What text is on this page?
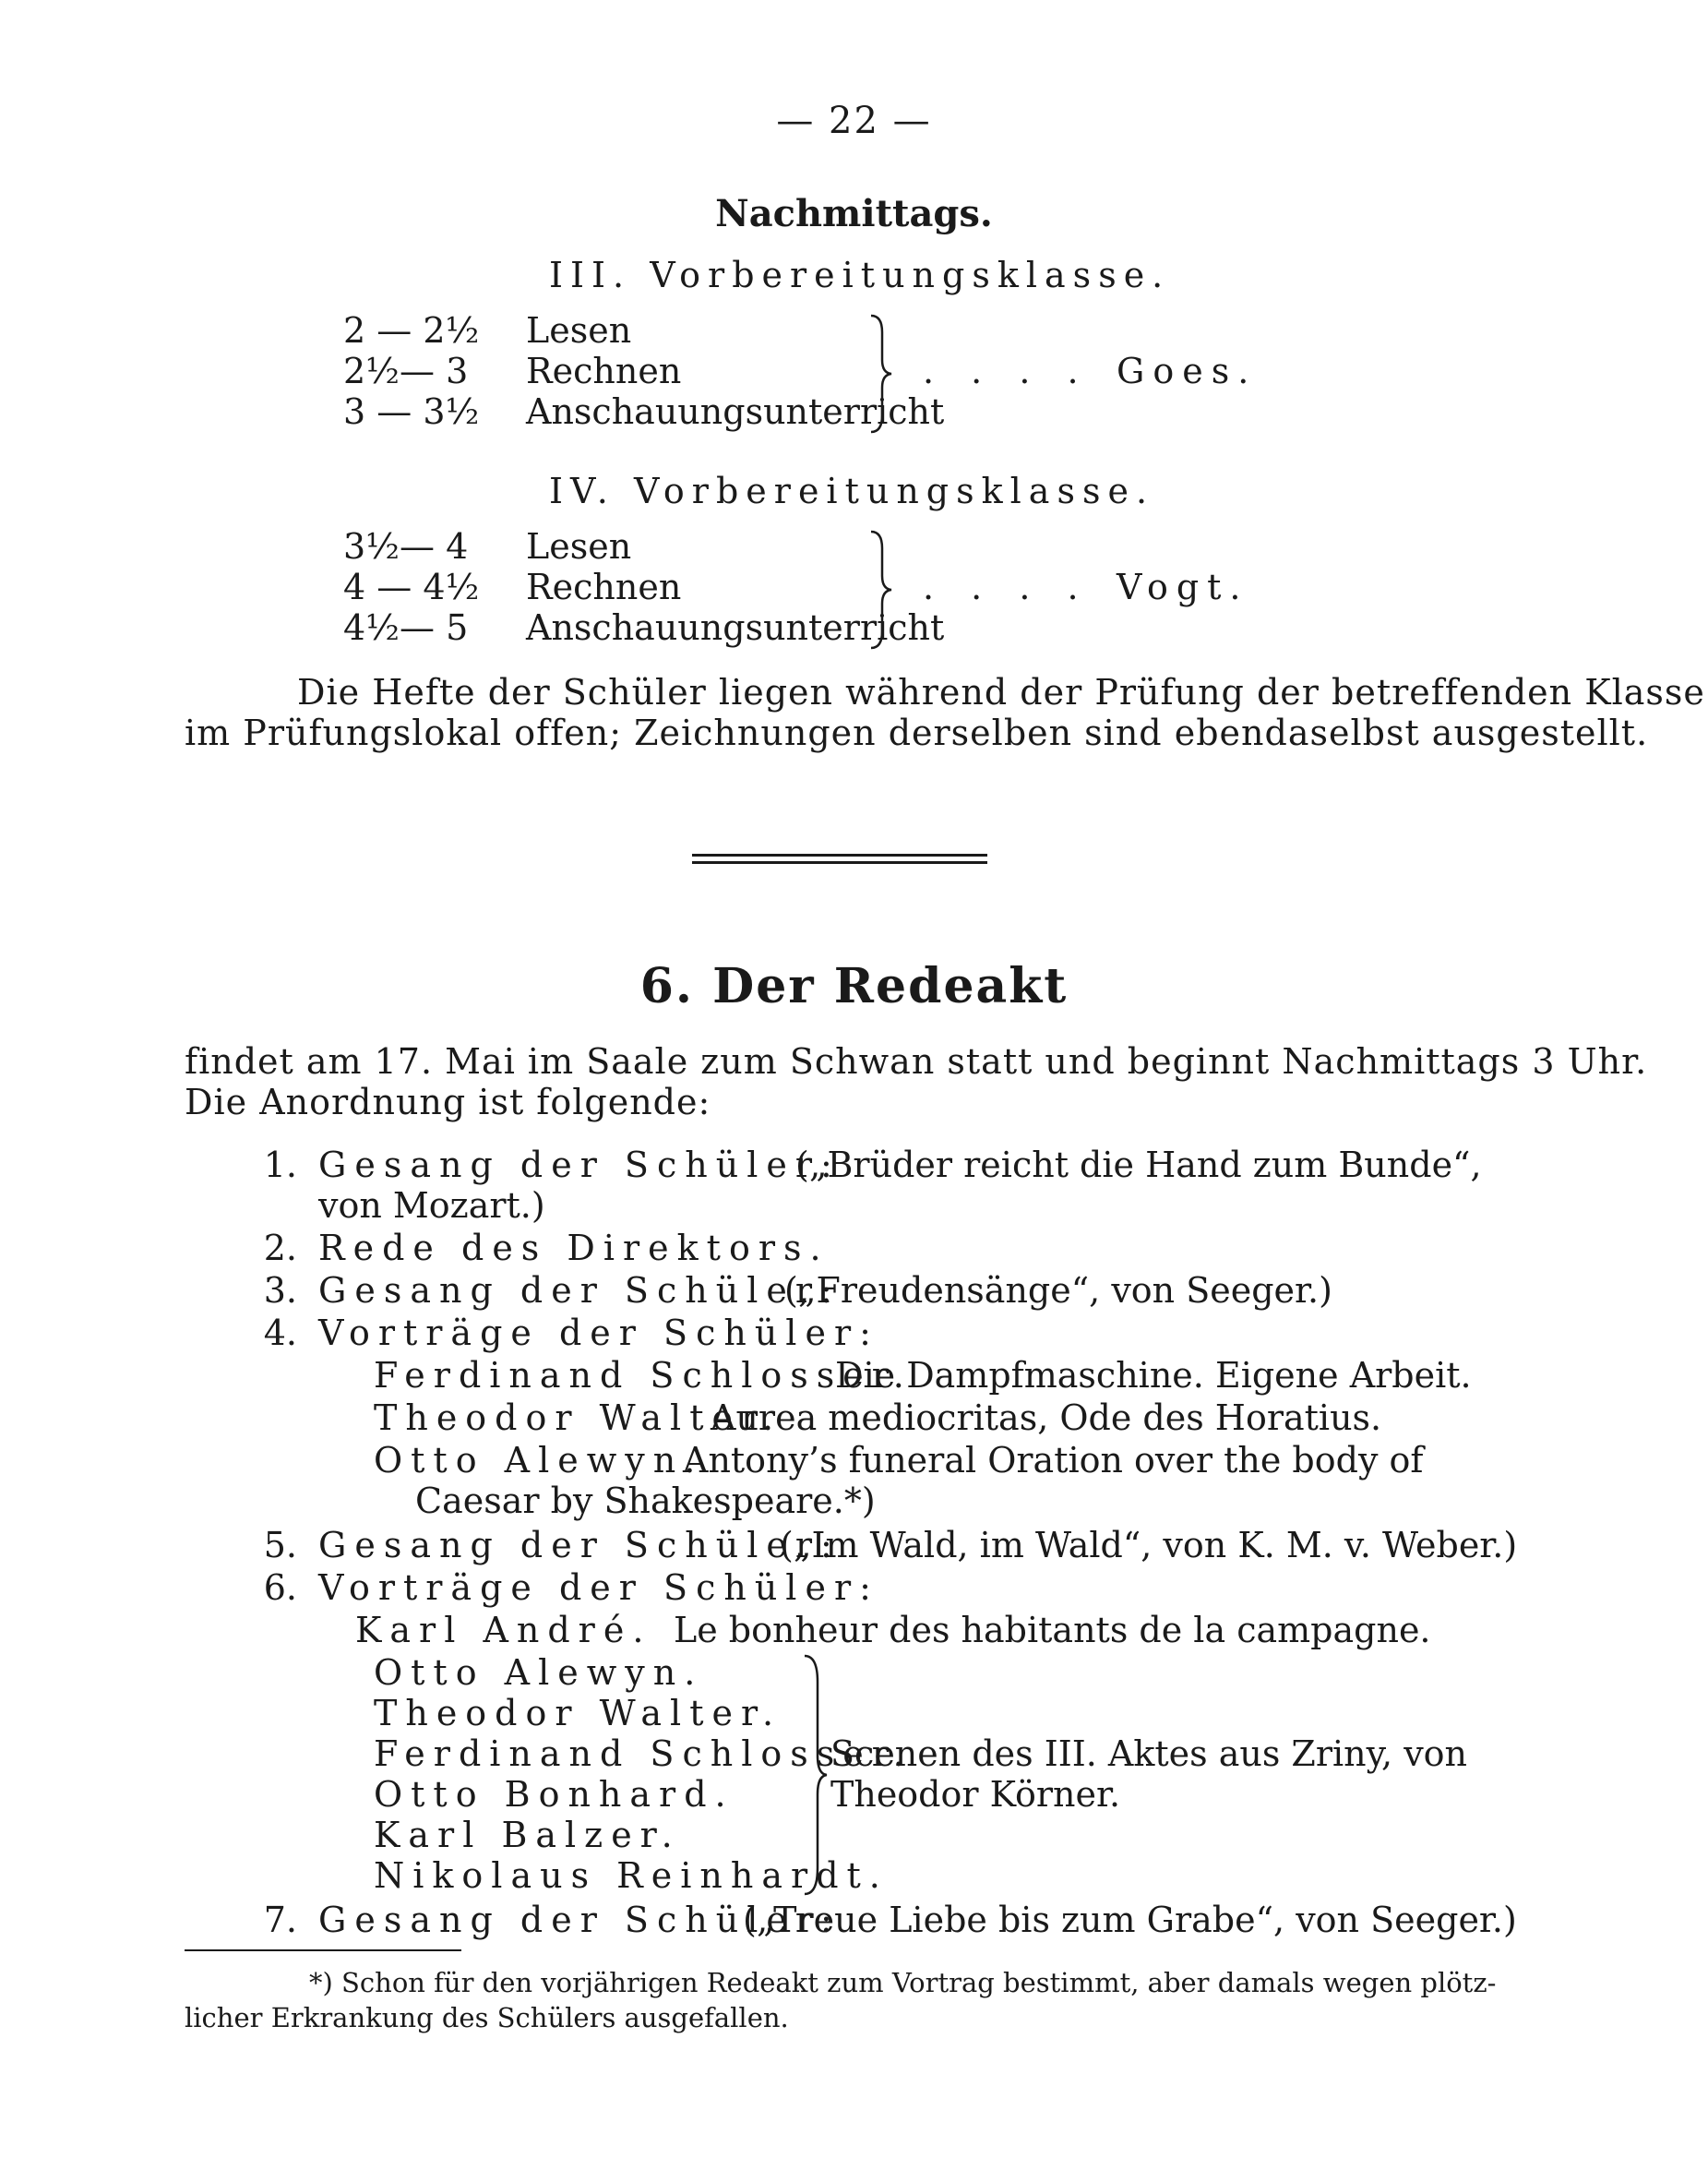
— 22 —
Nachmittags.
III. Vorbereitungsklasse.
2 — 2½ Lesen
2½— 3 Rechnen
3 — 3½ Anschauungsunterricht
. . . . Goes.
IV. Vorbereitungsklasse.
3½— 4 Lesen
4 — 4½ Rechnen
4½— 5 Anschauungsunterricht
. . . . Vogt.
Die Hefte der Schüler liegen während der Prüfung der betreffenden Klasse
im Prüfungslokal offen; Zeichnungen derselben sind ebendaselbst ausgestellt.
6. Der Redeakt
findet am 17. Mai im Saale zum Schwan statt und beginnt Nachmittags 3 Uhr.
Die Anordnung ist folgende:
1. Gesang der Schüler:
(„Brüder reicht die Hand zum Bunde“,
von Mozart.)
2. Rede des Direktors.
3. Gesang der Schüler:
(„Freudensänge“, von Seeger.)
4. Vorträge der Schüler:
Ferdinand Schlosser.
Die Dampfmaschine. Eigene Arbeit.
Theodor Walter.
Aurea mediocritas, Ode des Horatius.
Otto Alewyn.
Antony’s funeral Oration over the body of
Caesar by Shakespeare.*)
5. Gesang der Schüler:
(„Im Wald, im Wald“, von K. M. v. Weber.)
6. Vorträge der Schüler:
Karl André. Le bonheur des habitants de la campagne.
Otto Alewyn.
Theodor Walter.
Ferdinand Schlosser.
Otto Bonhard.
Karl Balzer.
Nikolaus Reinhardt.
Scenen des III. Aktes aus Zriny, von
Theodor Körner.
7. Gesang der Schüler:
(„Treue Liebe bis zum Grabe“, von Seeger.)
*) Schon für den vorjährigen Redeakt zum Vortrag bestimmt, aber damals wegen plötz-
licher Erkrankung des Schülers ausgefallen.
